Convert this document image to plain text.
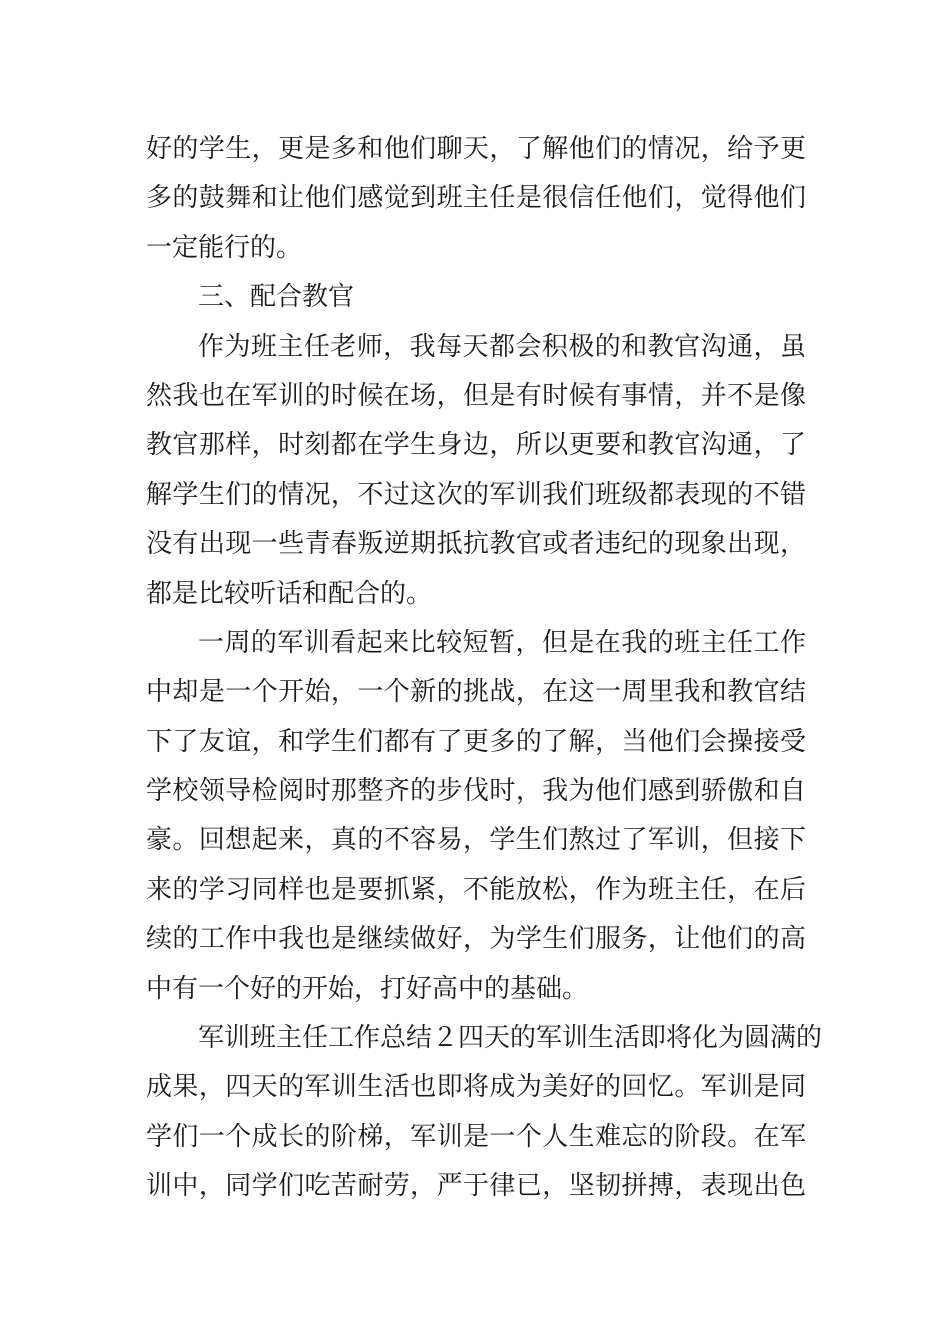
好的学生，更是多和他们聊天，了解他们的情况，给予更
多的鼓舞和让他们感觉到班主任是很信任他们，觉得他们
一定能行的。
三、配合教官
作为班主任老师，我每天都会积极的和教官沟通，虽
然我也在军训的时候在场，但是有时候有事情，并不是像
教官那样，时刻都在学生身边，所以更要和教官沟通，了
解学生们的情况，不过这次的军训我们班级都表现的不错
没有出现一些青春叛逆期抵抗教官或者违纪的现象出现，
都是比较听话和配合的。
一周的军训看起来比较短暂，但是在我的班主任工作
中却是一个开始，一个新的挑战，在这一周里我和教官结
下了友谊，和学生们都有了更多的了解，当他们会操接受
学校领导检阅时那整齐的步伐时，我为他们感到骄傲和自
豪。回想起来，真的不容易，学生们熬过了军训，但接下
来的学习同样也是要抓紧，不能放松，作为班主任，在后
续的工作中我也是继续做好，为学生们服务，让他们的高
中有一个好的开始，打好高中的基础。
军训班主任工作总结２四天的军训生活即将化为圆满的
成果，四天的军训生活也即将成为美好的回忆。军训是同
学们一个成长的阶梯，军训是一个人生难忘的阶段。在军
训中，同学们吃苦耐劳，严于律已，坚韧拼搏，表现出色
